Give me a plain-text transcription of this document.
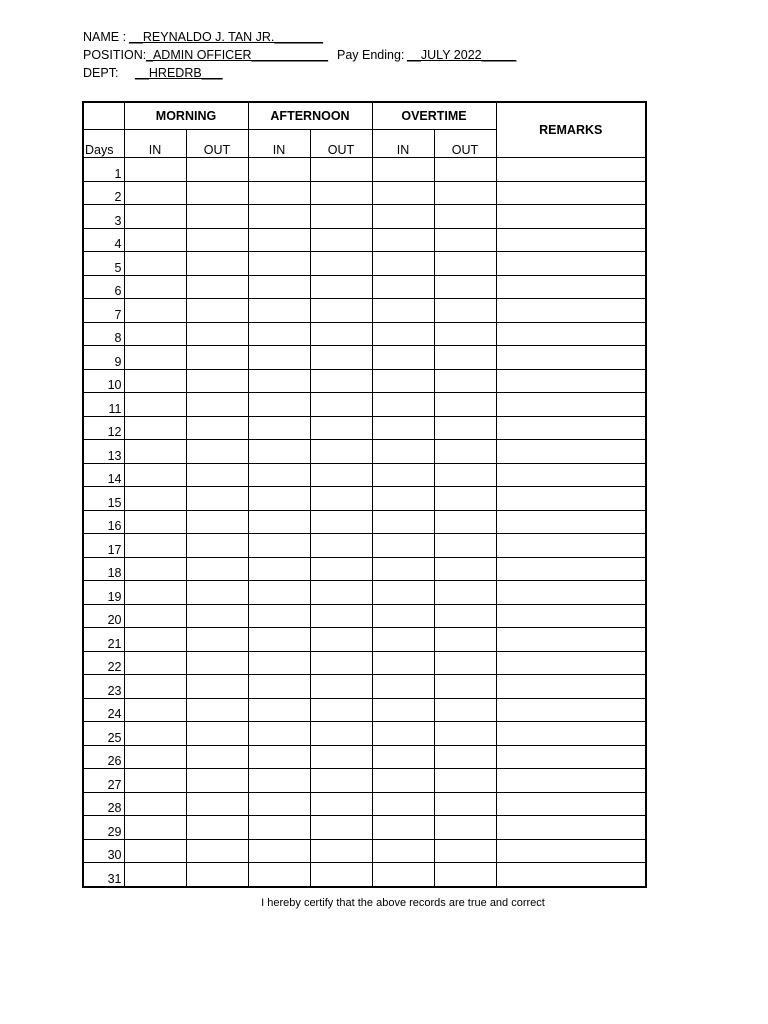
NAME : __REYNALDO J. TAN JR._______
POSITION: _ADMIN OFFICER___________ Pay Ending: __JULY 2022_____
DEPT: __HREDRB___
	MORNING		AFTERNOON		OVERTIME		REMARKS
Days	IN	OUT	IN	OUT	IN	OUT	
1							
2							
3							
4							
5							
6							
7							
8							
9							
10							
11							
12							
13							
14							
15							
16							
17							
18							
19							
20							
21							
22							
23							
24							
25							
26							
27							
28							
29							
30							
31							
I hereby certify that the above records are true and correct
